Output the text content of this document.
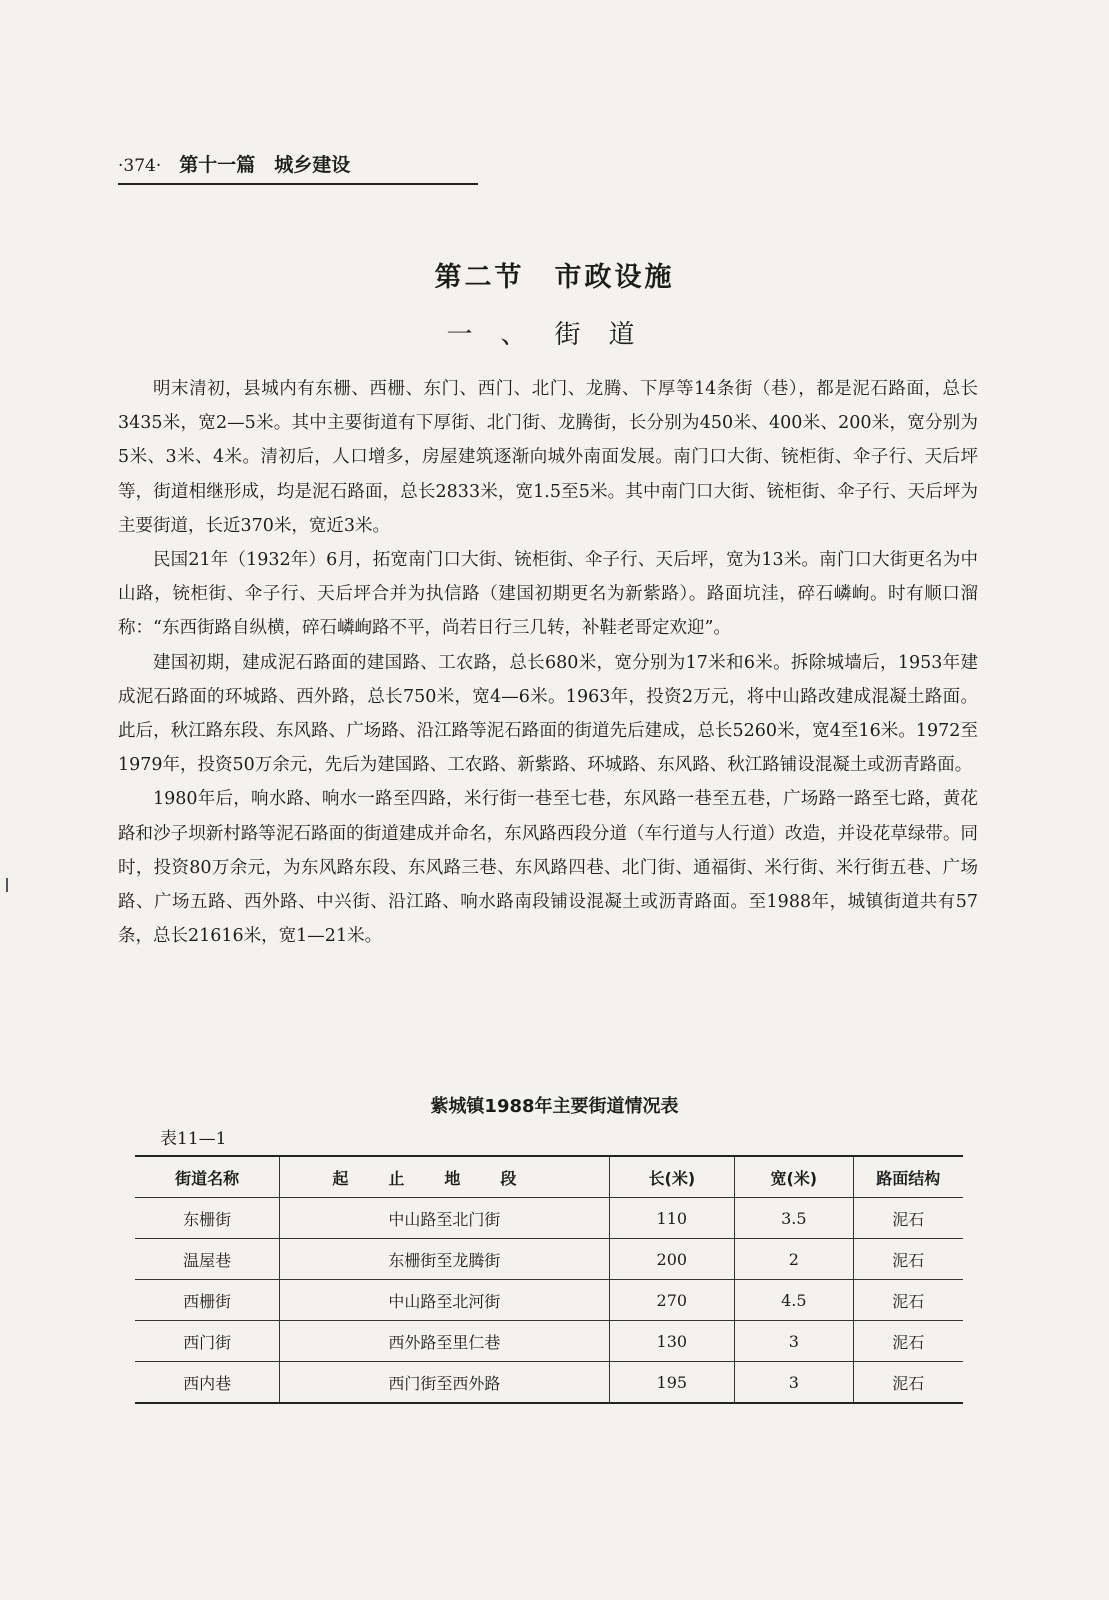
·374· 第十一篇　城乡建设
第二节　市政设施
一、街道

明末清初，县城内有东栅、西栅、东门、西门、北门、龙腾、下厚等14条街（巷），都是泥石路面，总长3435米，宽2—5米。其中主要街道有下厚街、北门街、龙腾街，长分别为450米、400米、200米，宽分别为5米、3米、4米。清初后，人口增多，房屋建筑逐渐向城外南面发展。南门口大街、铳柜街、伞子行、天后坪等，街道相继形成，均是泥石路面，总长2833米，宽1.5至5米。其中南门口大街、铳柜街、伞子行、天后坪为主要街道，长近370米，宽近3米。

民国21年（1932年）6月，拓宽南门口大街、铳柜街、伞子行、天后坪，宽为13米。南门口大街更名为中山路，铳柜街、伞子行、天后坪合并为执信路（建国初期更名为新紫路）。路面坑洼，碎石嶙峋。时有顺口溜称：“东西街路自纵横，碎石嶙峋路不平，尚若日行三几转，补鞋老哥定欢迎”。

建国初期，建成泥石路面的建国路、工农路，总长680米，宽分别为17米和6米。拆除城墙后，1953年建成泥石路面的环城路、西外路，总长750米，宽4—6米。1963年，投资2万元，将中山路改建成混凝土路面。此后，秋江路东段、东风路、广场路、沿江路等泥石路面的街道先后建成，总长5260米，宽4至16米。1972至1979年，投资50万余元，先后为建国路、工农路、新紫路、环城路、东风路、秋江路铺设混凝土或沥青路面。

1980年后，响水路、响水一路至四路，米行街一巷至七巷，东风路一巷至五巷，广场路一路至七路，黄花路和沙子坝新村路等泥石路面的街道建成并命名，东风路西段分道（车行道与人行道）改造，并设花草绿带。同时，投资80万余元，为东风路东段、东风路三巷、东风路四巷、北门街、通福街、米行街、米行街五巷、广场路、广场五路、西外路、中兴街、沿江路、响水路南段铺设混凝土或沥青路面。至1988年，城镇街道共有57条，总长21616米，宽1—21米。

紫城镇1988年主要街道情况表
表11—1
街道名称	起止地段	长(米)	宽(米)	路面结构
东栅街	中山路至北门街	110	3.5	泥石
温屋巷	东栅街至龙腾街	200	2	泥石
西栅街	中山路至北河街	270	4.5	泥石
西门街	西外路至里仁巷	130	3	泥石
西内巷	西门街至西外路	195	3	泥石
